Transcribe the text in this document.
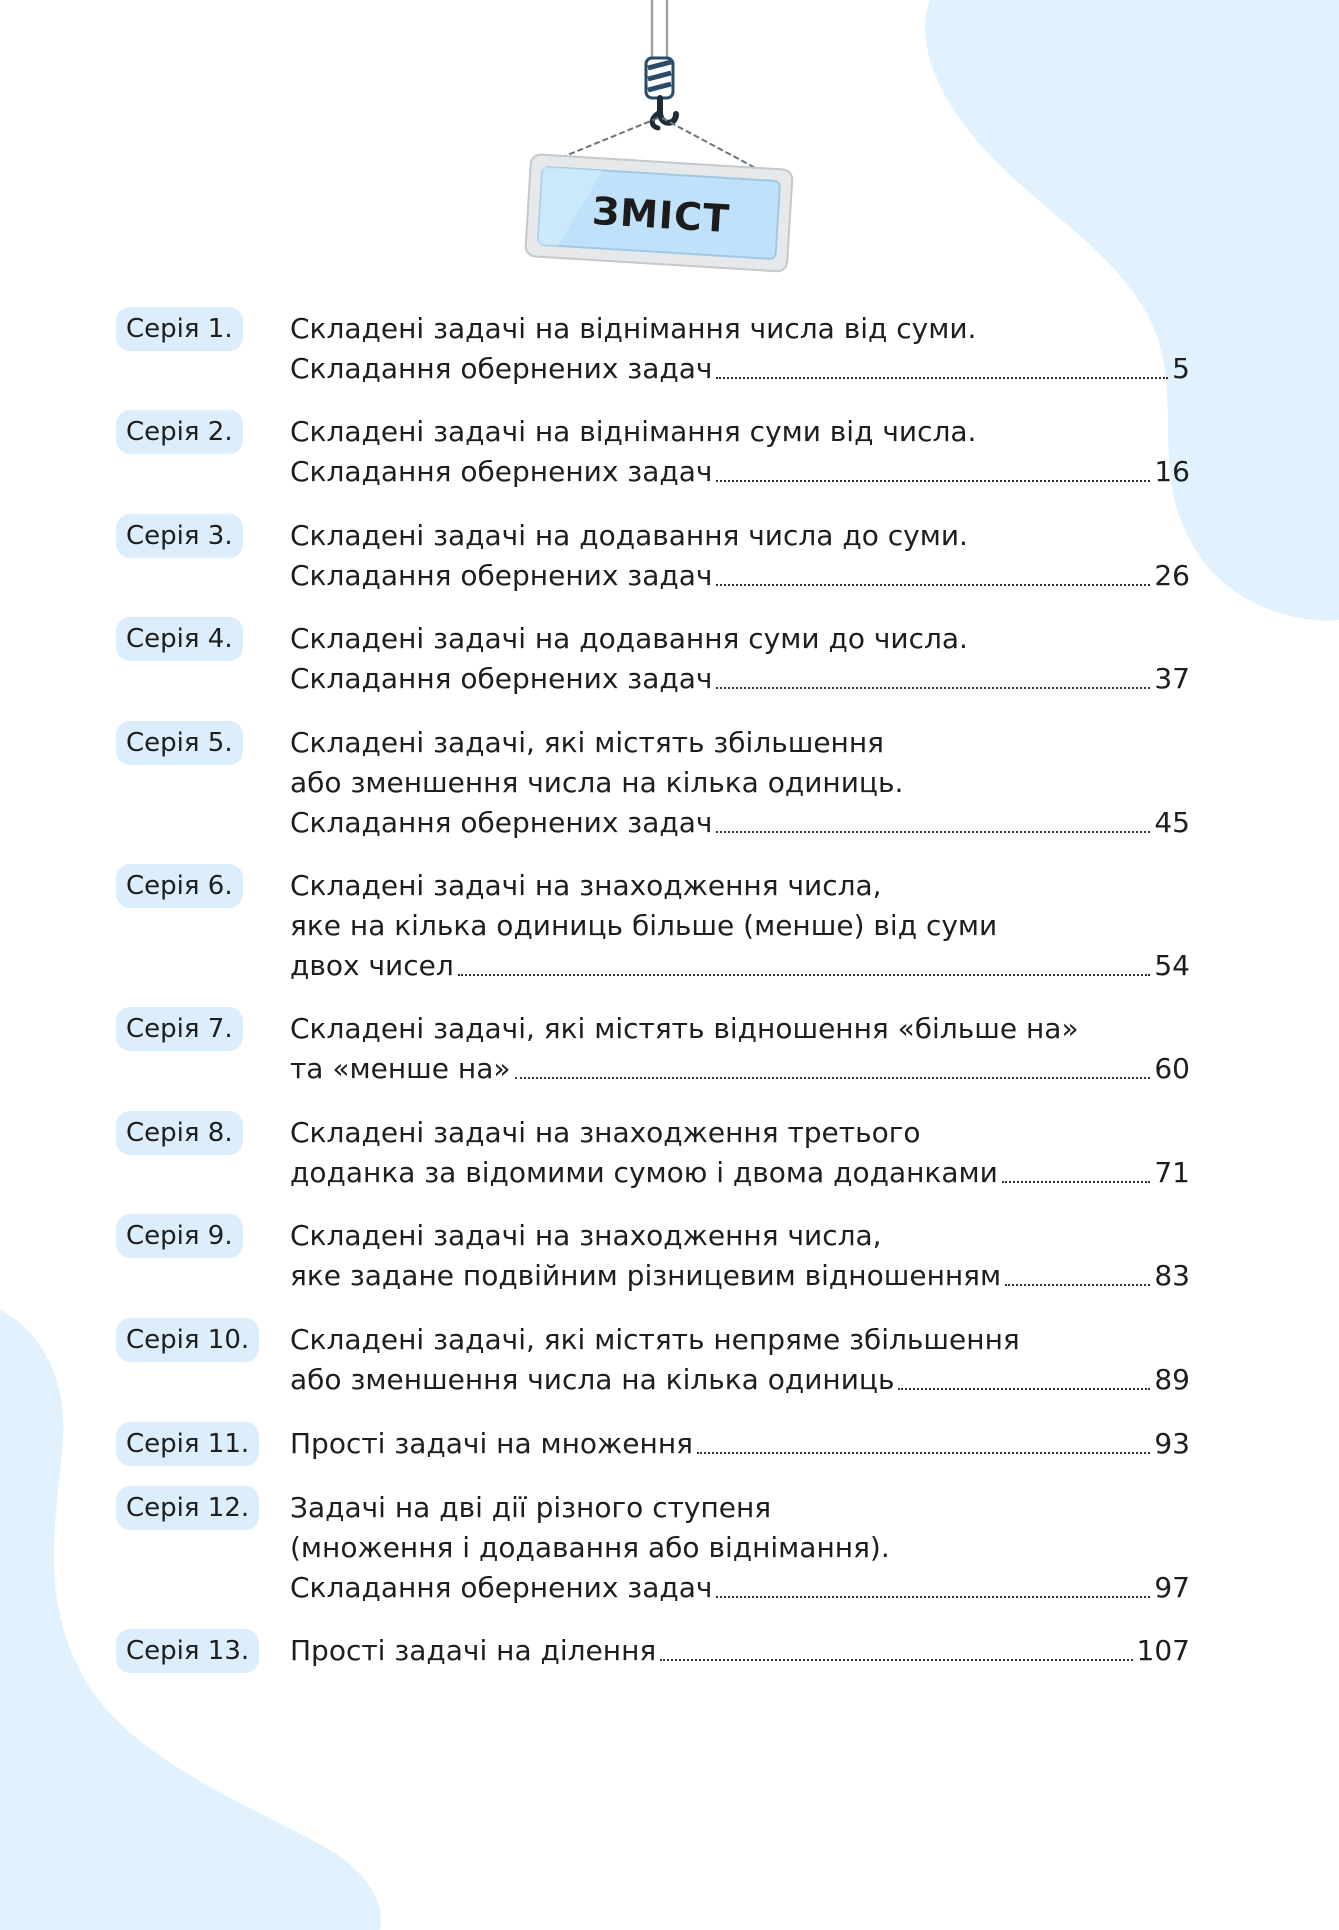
ЗМІСТ
Серія 1.	Складені задачі на віднімання числа від суми.
Складання обернених задач	5
Серія 2.	Складені задачі на віднімання суми від числа.
Складання обернених задач	16
Серія 3.	Складені задачі на додавання числа до суми.
Складання обернених задач	26
Серія 4.	Складені задачі на додавання суми до числа.
Складання обернених задач	37
Серія 5.	Складені задачі, які містять збільшення
або зменшення числа на кілька одиниць.
Складання обернених задач	45
Серія 6.	Складені задачі на знаходження числа,
яке на кілька одиниць більше (менше) від суми
двох чисел	54
Серія 7.	Складені задачі, які містять відношення «більше на»
та «менше на»	60
Серія 8.	Складені задачі на знаходження третього
доданка за відомими сумою і двома доданками	71
Серія 9.	Складені задачі на знаходження числа,
яке задане подвійним різницевим відношенням	83
Серія 10.	Складені задачі, які містять непряме збільшення
або зменшення числа на кілька одиниць	89
Серія 11.	Прості задачі на множення	93
Серія 12.	Задачі на дві дії різного ступеня
(множення і додавання або віднімання).
Складання обернених задач	97
Серія 13.	Прості задачі на ділення	107
